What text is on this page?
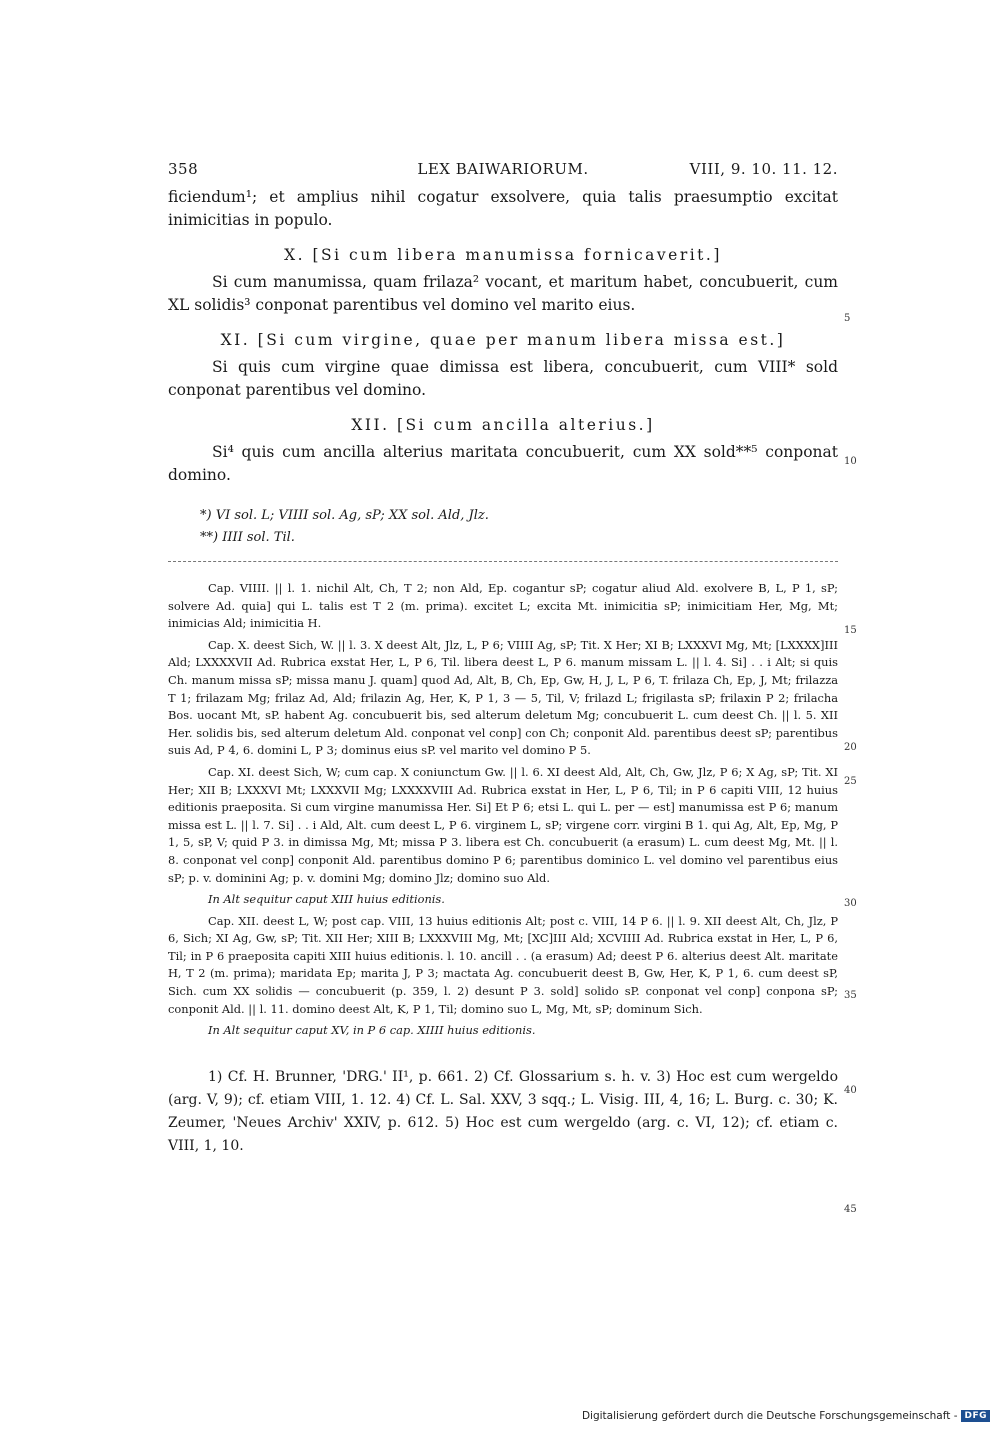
358	LEX BAIWARIORUM.	VIII, 9. 10. 11. 12.

ficiendum¹; et amplius nihil cogatur exsolvere, quia talis praesumptio excitat inimicitias in populo.

X. [Si cum libera manumissa fornicaverit.]

Si cum manumissa, quam frilaza² vocant, et maritum habet, concubuerit, cum XL solidis³ conponat parentibus vel domino vel marito eius.

XI. [Si cum virgine, quae per manum libera missa est.]

Si quis cum virgine quae dimissa est libera, concubuerit, cum VIII* sold conponat parentibus vel domino.

XII. [Si cum ancilla alterius.]

Si⁴ quis cum ancilla alterius maritata concubuerit, cum XX sold**⁵ conponat domino.

*) VI sol. L; VIIII sol. Ag, sP; XX sol. Ald, Jlz.
**) IIII sol. Til.

Cap. VIIII. || l. 1. nichil Alt, Ch, T 2; non Ald, Ep. cogantur sP; cogatur aliud Ald. exolvere B, L, P 1, sP; solvere Ad. quia] qui L. talis est T 2 (m. prima). excitet L; excita Mt. inimicitia sP; inimicitiam Her, Mg, Mt; inimicias Ald; inimicitia H.

Cap. X. deest Sich, W. || l. 3. X deest Alt, Jlz, L, P 6; VIIII Ag, sP; Tit. X Her; XI B; LXXXVI Mg, Mt; [LXXXX]III Ald; LXXXXVII Ad. Rubrica exstat Her, L, P 6, Til. libera deest L, P 6. manum missam L. || l. 4. Si] . . i Alt; si quis Ch. manum missa sP; missa manu J. quam] quod Ad, Alt, B, Ch, Ep, Gw, H, J, L, P 6, T. frilaza Ch, Ep, J, Mt; frilazza T 1; frilazam Mg; frilaz Ad, Ald; frilazin Ag, Her, K, P 1, 3 — 5, Til, V; frilazd L; frigilasta sP; frilaxin P 2; frilacha Bos. uocant Mt, sP. habent Ag. concubuerit bis, sed alterum deletum Mg; concubuerit L. cum deest Ch. || l. 5. XII Her. solidis bis, sed alterum deletum Ald. conponat vel conp] con Ch; conponit Ald. parentibus deest sP; parentibus suis Ad, P 4, 6. domini L, P 3; dominus eius sP. vel marito vel domino P 5.

Cap. XI. deest Sich, W; cum cap. X coniunctum Gw. || l. 6. XI deest Ald, Alt, Ch, Gw, Jlz, P 6; X Ag, sP; Tit. XI Her; XII B; LXXXVI Mt; LXXXVII Mg; LXXXXVIII Ad. Rubrica exstat in Her, L, P 6, Til; in P 6 capiti VIII, 12 huius editionis praeposita. Si cum virgine manumissa Her. Si] Et P 6; etsi L. qui L. per — est] manumissa est P 6; manum missa est L. || l. 7. Si] . . i Ald, Alt. cum deest L, P 6. virginem L, sP; virgene corr. virgini B 1. qui Ag, Alt, Ep, Mg, P 1, 5, sP, V; quid P 3. in dimissa Mg, Mt; missa P 3. libera est Ch. concubuerit (a erasum) L. cum deest Mg, Mt. || l. 8. conponat vel conp] conponit Ald. parentibus domino P 6; parentibus dominico L. vel domino vel parentibus eius sP; p. v. dominini Ag; p. v. domini Mg; domino Jlz; domino suo Ald.

In Alt sequitur caput XIII huius editionis.

Cap. XII. deest L, W; post cap. VIII, 13 huius editionis Alt; post c. VIII, 14 P 6. || l. 9. XII deest Alt, Ch, Jlz, P 6, Sich; XI Ag, Gw, sP; Tit. XII Her; XIII B; LXXXVIII Mg, Mt; [XC]III Ald; XCVIIII Ad. Rubrica exstat in Her, L, P 6, Til; in P 6 praeposita capiti XIII huius editionis. l. 10. ancill . . (a erasum) Ad; deest P 6. alterius deest Alt. maritate H, T 2 (m. prima); maridata Ep; marita J, P 3; mactata Ag. concubuerit deest B, Gw, Her, K, P 1, 6. cum deest sP, Sich. cum XX solidis — concubuerit (p. 359, l. 2) desunt P 3. sold] solido sP. conponat vel conp] conpona sP; conponit Ald. || l. 11. domino deest Alt, K, P 1, Til; domino suo L, Mg, Mt, sP; dominum Sich.

In Alt sequitur caput XV, in P 6 cap. XIIII huius editionis.

1) Cf. H. Brunner, 'DRG.' II¹, p. 661. 2) Cf. Glossarium s. h. v. 3) Hoc est cum wergeldo (arg. V, 9); cf. etiam VIII, 1. 12. 4) Cf. L. Sal. XXV, 3 sqq.; L. Visig. III, 4, 16; L. Burg. c. 30; K. Zeumer, 'Neues Archiv' XXIV, p. 612. 5) Hoc est cum wergeldo (arg. c. VI, 12); cf. etiam c. VIII, 1, 10.

5
10
15
20
25
30
35
40
45
Digitalisierung gefördert durch die Deutsche Forschungsgemeinschaft - DFG
